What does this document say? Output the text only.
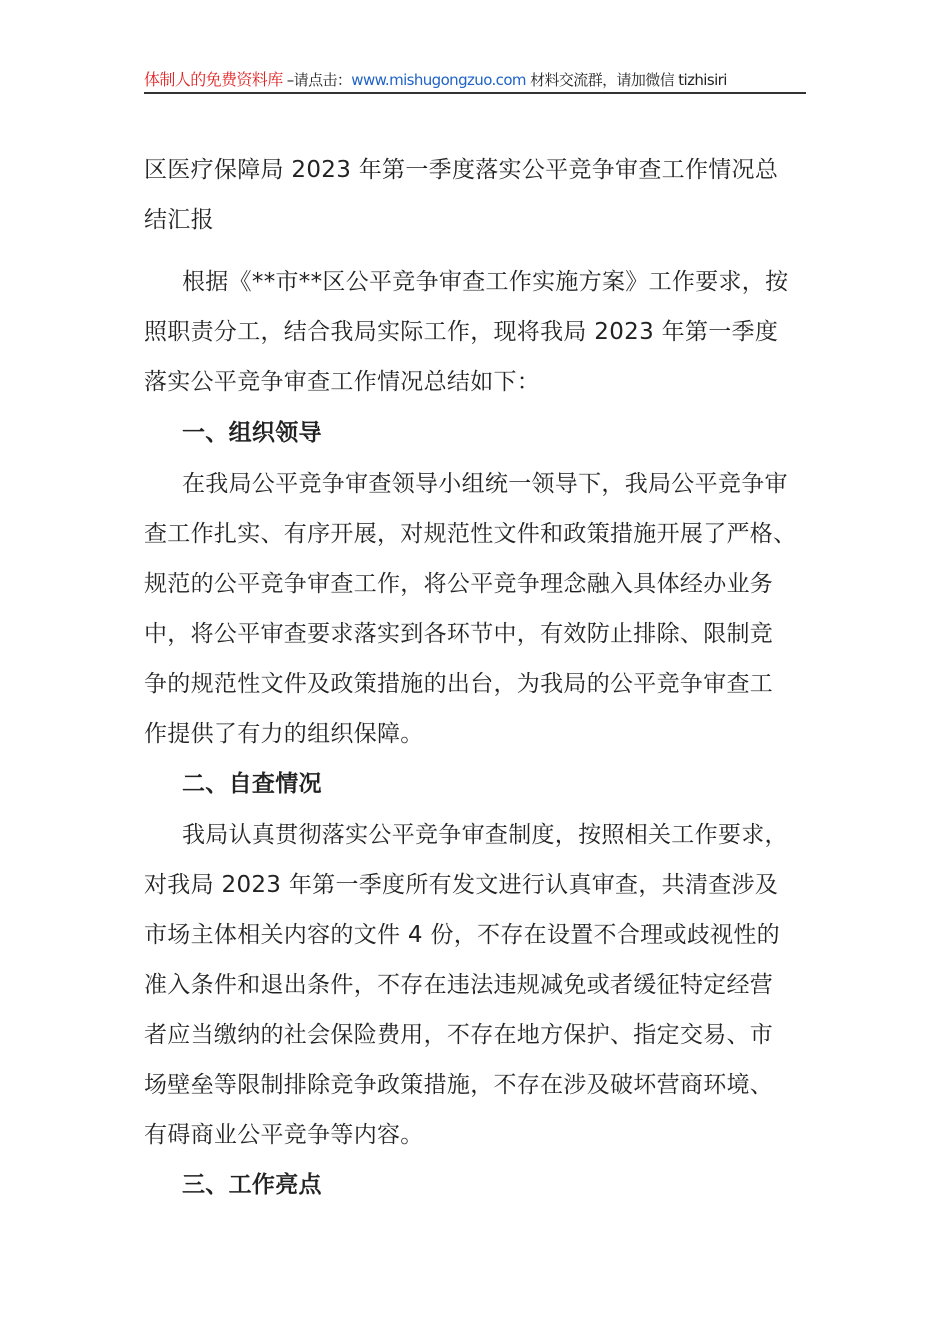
体制人的免费资料库 –请点击：www.mishugongzuo.com 材料交流群，请加微信 tizhisiri
区医疗保障局 2023 年第一季度落实公平竞争审查工作情况总
结汇报
根据《**市**区公平竞争审查工作实施方案》工作要求，按
照职责分工，结合我局实际工作，现将我局 2023 年第一季度
落实公平竞争审查工作情况总结如下：
一、组织领导
在我局公平竞争审查领导小组统一领导下，我局公平竞争审
查工作扎实、有序开展，对规范性文件和政策措施开展了严格、
规范的公平竞争审查工作，将公平竞争理念融入具体经办业务
中，将公平审查要求落实到各环节中，有效防止排除、限制竞
争的规范性文件及政策措施的出台，为我局的公平竞争审查工
作提供了有力的组织保障。
二、自查情况
我局认真贯彻落实公平竞争审查制度，按照相关工作要求，
对我局 2023 年第一季度所有发文进行认真审查，共清查涉及
市场主体相关内容的文件 4 份，不存在设置不合理或歧视性的
准入条件和退出条件，不存在违法违规减免或者缓征特定经营
者应当缴纳的社会保险费用，不存在地方保护、指定交易、市
场壁垒等限制排除竞争政策措施，不存在涉及破坏营商环境、
有碍商业公平竞争等内容。
三、工作亮点
